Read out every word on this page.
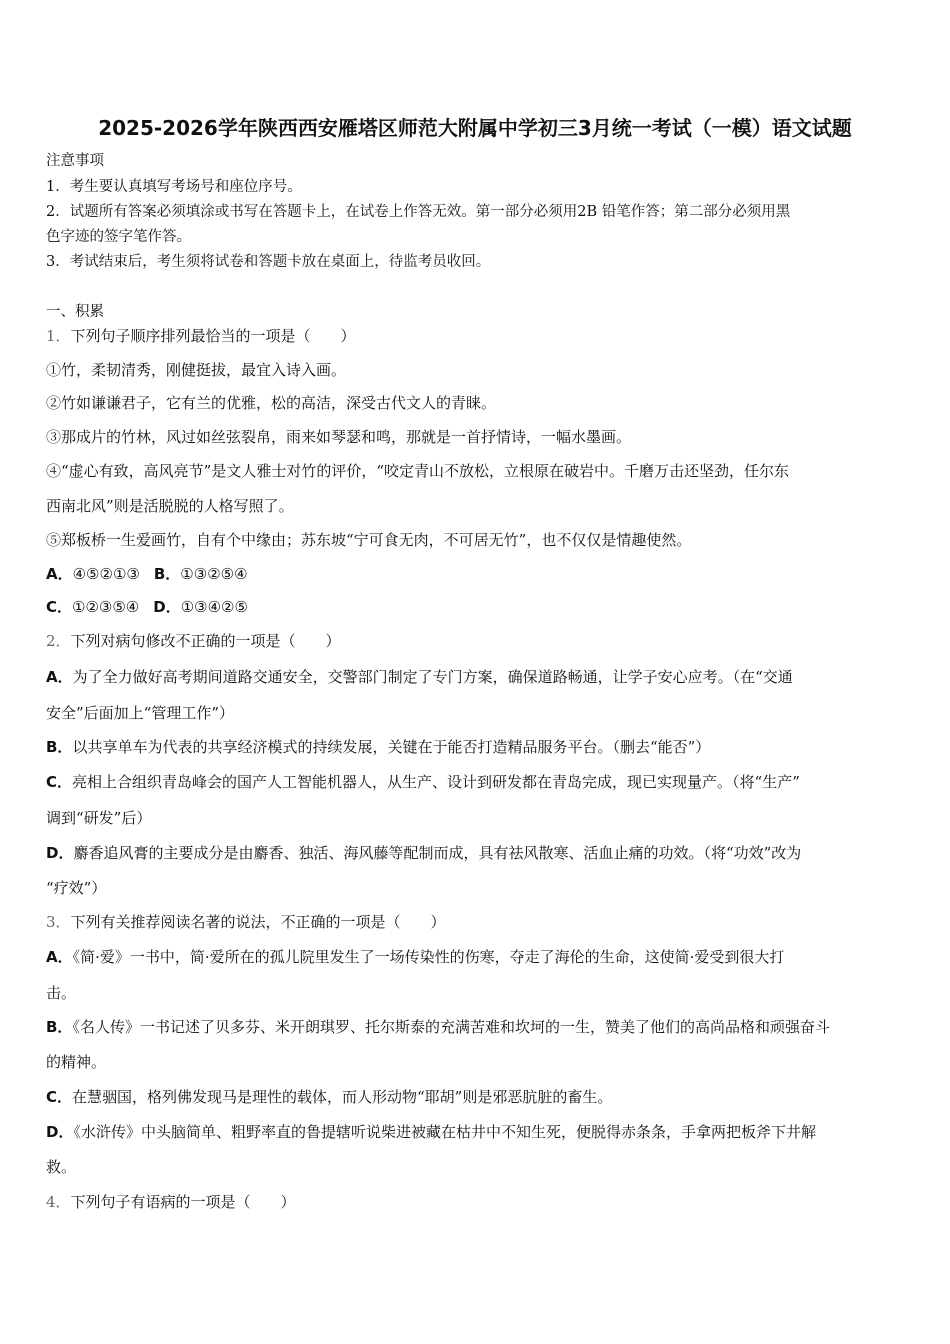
2025-2026学年陕西西安雁塔区师范大附属中学初三3月统一考试（一模）语文试题
注意事项
1．考生要认真填写考场号和座位序号。
2．试题所有答案必须填涂或书写在答题卡上，在试卷上作答无效。第一部分必须用2B 铅笔作答；第二部分必须用黑
色字迹的签字笔作答。
3．考试结束后，考生须将试卷和答题卡放在桌面上，待监考员收回。
一、积累
1．下列句子顺序排列最恰当的一项是（　　）
①竹，柔韧清秀，刚健挺拔，最宜入诗入画。
②竹如谦谦君子，它有兰的优雅，松的高洁，深受古代文人的青睐。
③那成片的竹林，风过如丝弦裂帛，雨来如琴瑟和鸣，那就是一首抒情诗，一幅水墨画。
④“虚心有致，高风亮节”是文人雅士对竹的评价，“咬定青山不放松，立根原在破岩中。千磨万击还坚劲，任尔东
西南北风”则是活脱脱的人格写照了。
⑤郑板桥一生爱画竹，自有个中缘由；苏东坡“宁可食无肉，不可居无竹”，也不仅仅是情趣使然。
A．④⑤②①③ B．①③②⑤④
C．①②③⑤④ D．①③④②⑤
2．下列对病句修改不正确的一项是（　　）
A．为了全力做好高考期间道路交通安全，交警部门制定了专门方案，确保道路畅通，让学子安心应考。（在“交通
安全”后面加上“管理工作”）
B．以共享单车为代表的共享经济模式的持续发展，关键在于能否打造精品服务平台。（删去“能否”）
C．亮相上合组织青岛峰会的国产人工智能机器人，从生产、设计到研发都在青岛完成，现已实现量产。（将“生产”
调到“研发”后）
D．麝香追风膏的主要成分是由麝香、独活、海风藤等配制而成，具有祛风散寒、活血止痛的功效。（将“功效”改为
“疗效”）
3．下列有关推荐阅读名著的说法，不正确的一项是（　　）
A．《简·爱》一书中，简·爱所在的孤儿院里发生了一场传染性的伤寒，夺走了海伦的生命，这使简·爱受到很大打
击。
B．《名人传》一书记述了贝多芬、米开朗琪罗、托尔斯泰的充满苦难和坎坷的一生，赞美了他们的高尚品格和顽强奋斗
的精神。
C．在慧骃国，格列佛发现马是理性的载体，而人形动物“耶胡”则是邪恶肮脏的畜生。
D．《水浒传》中头脑简单、粗野率直的鲁提辖听说柴进被藏在枯井中不知生死，便脱得赤条条，手拿两把板斧下井解
救。
4．下列句子有语病的一项是（　　）
